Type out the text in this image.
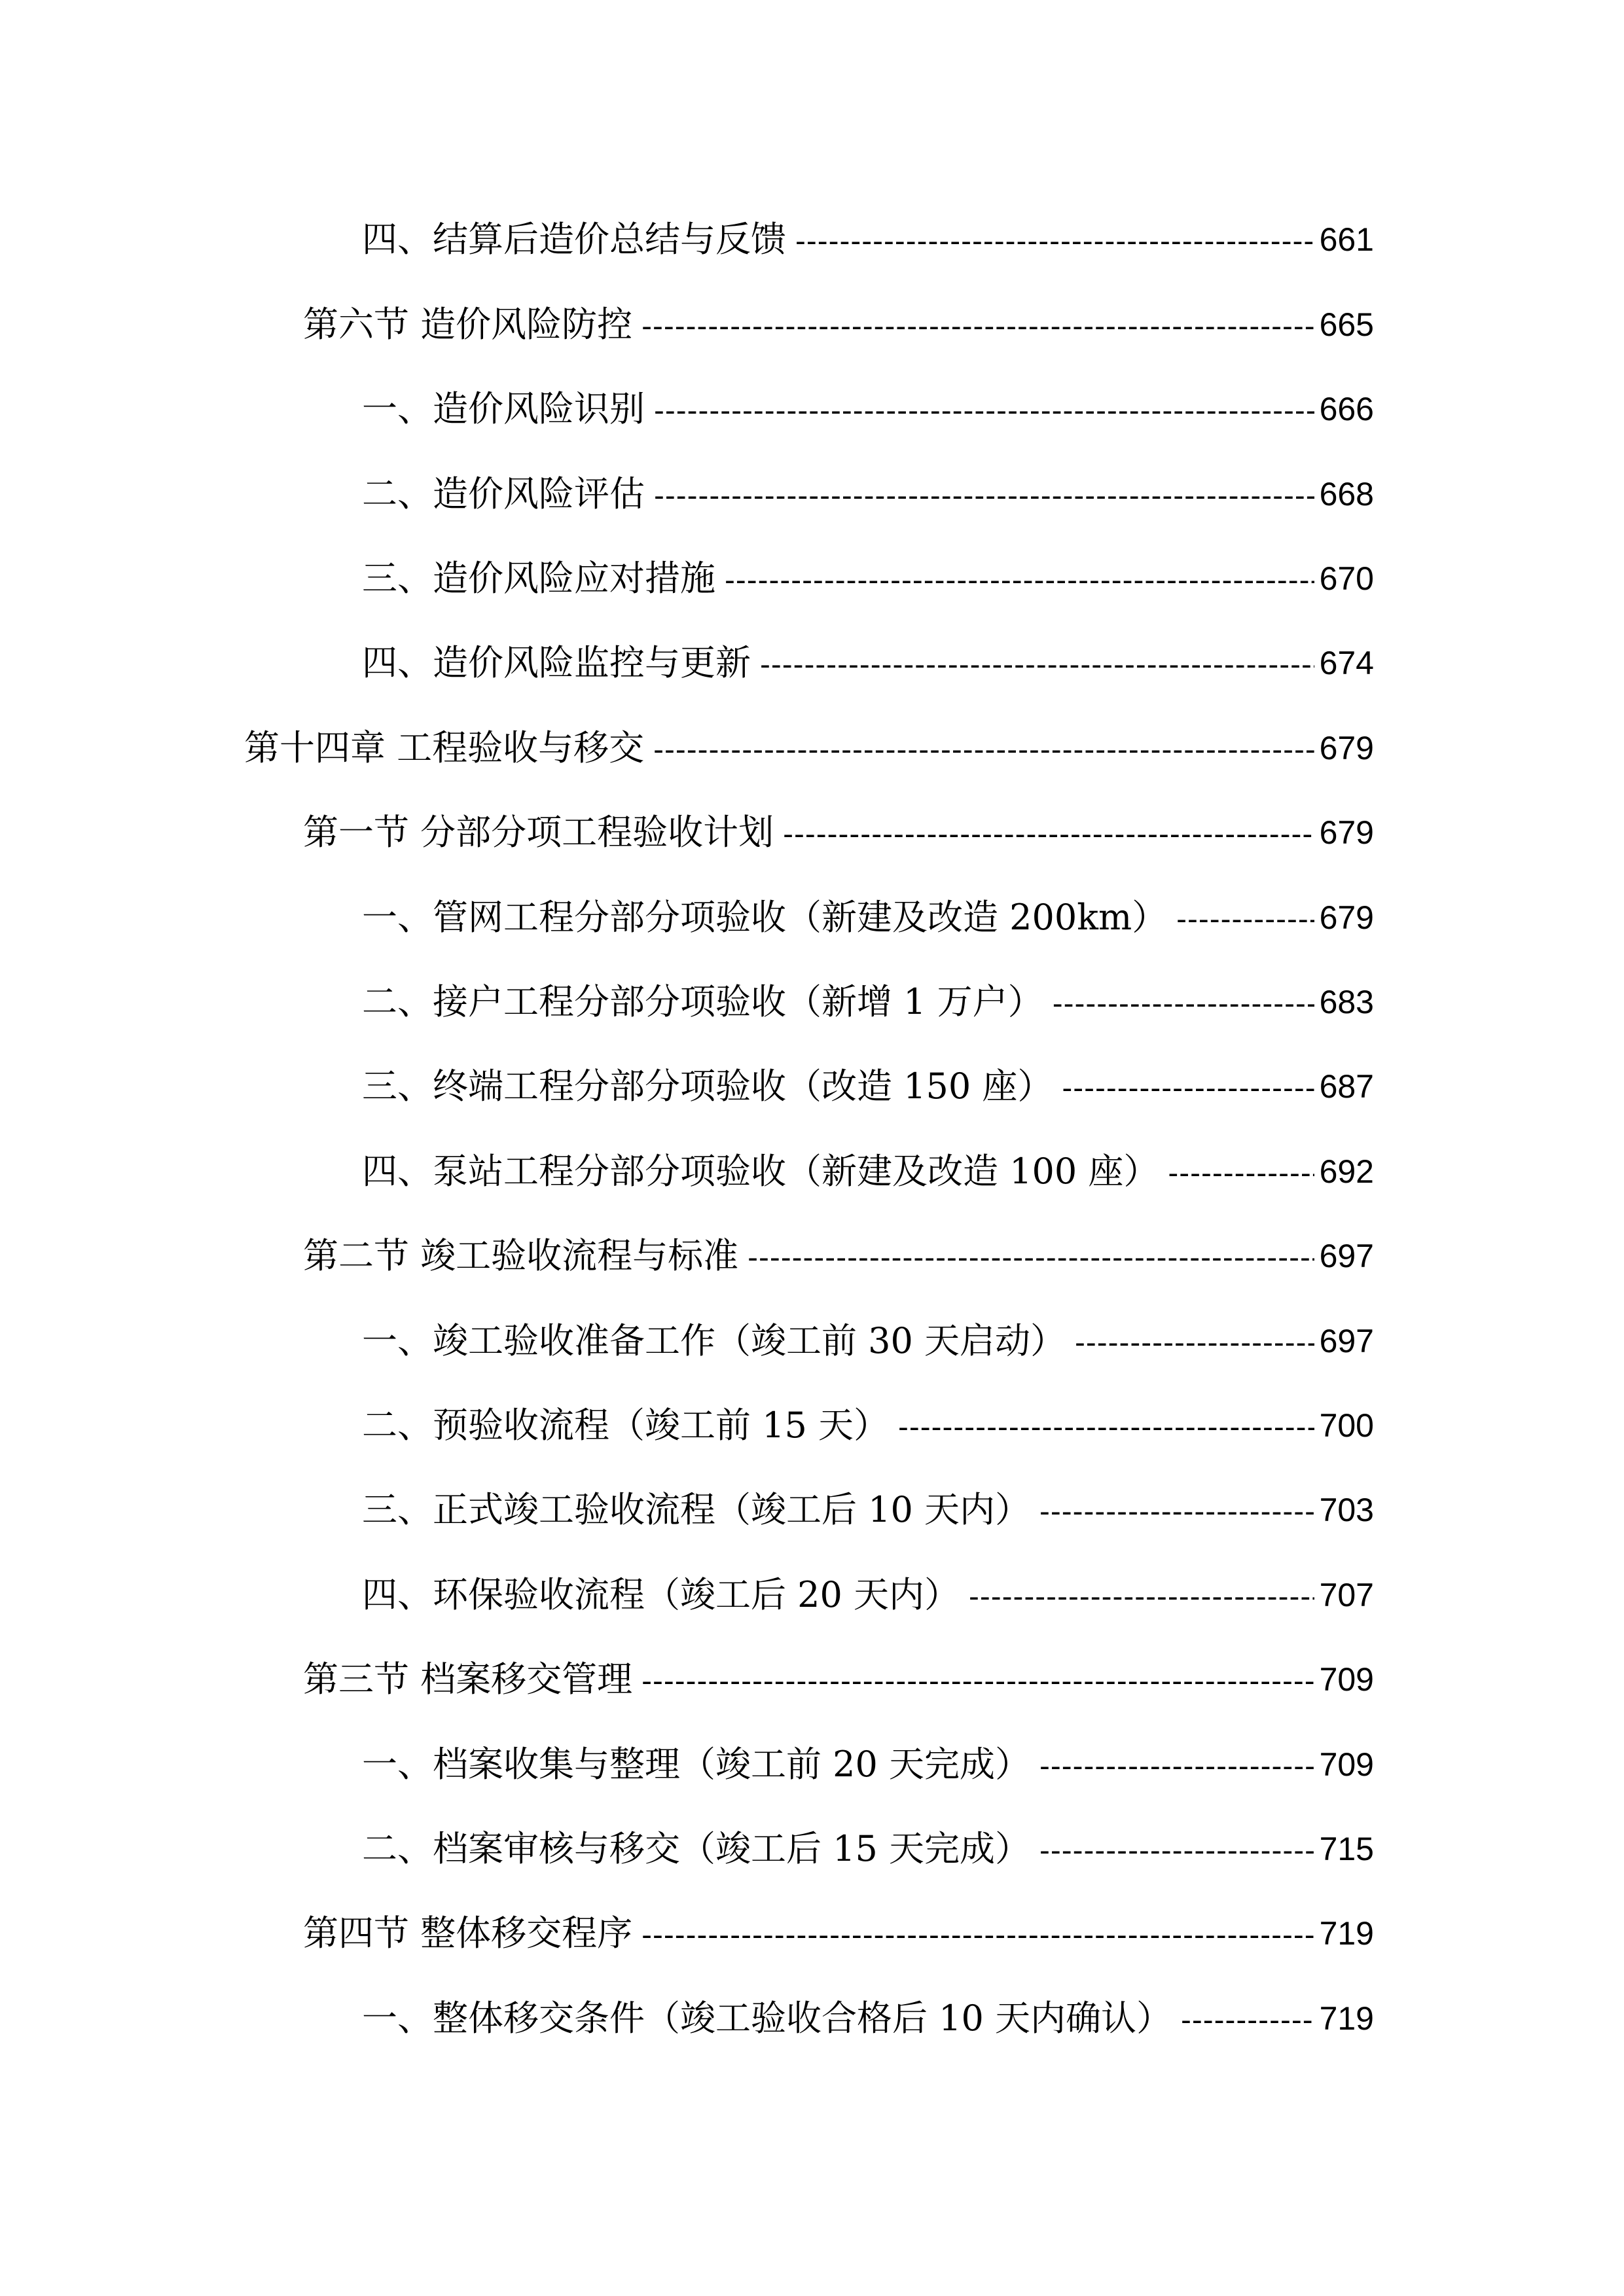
四、结算后造价总结与反馈 -----	661
第六节 造价风险防控 -----	665
一、造价风险识别 -----	666
二、造价风险评估 -----	668
三、造价风险应对措施 -----	670
四、造价风险监控与更新 -----	674
第十四章 工程验收与移交 -----	679
第一节 分部分项工程验收计划 -----	679
一、管网工程分部分项验收（新建及改造 200km） -----	679
二、接户工程分部分项验收（新增 1 万户） -----	683
三、终端工程分部分项验收（改造 150 座） -----	687
四、泵站工程分部分项验收（新建及改造 100 座） -----	692
第二节 竣工验收流程与标准 -----	697
一、竣工验收准备工作（竣工前 30 天启动） -----	697
二、预验收流程（竣工前 15 天） -----	700
三、正式竣工验收流程（竣工后 10 天内） -----	703
四、环保验收流程（竣工后 20 天内） -----	707
第三节 档案移交管理 -----	709
一、档案收集与整理（竣工前 20 天完成） -----	709
二、档案审核与移交（竣工后 15 天完成） -----	715
第四节 整体移交程序 -----	719
一、整体移交条件（竣工验收合格后 10 天内确认） -----	719
